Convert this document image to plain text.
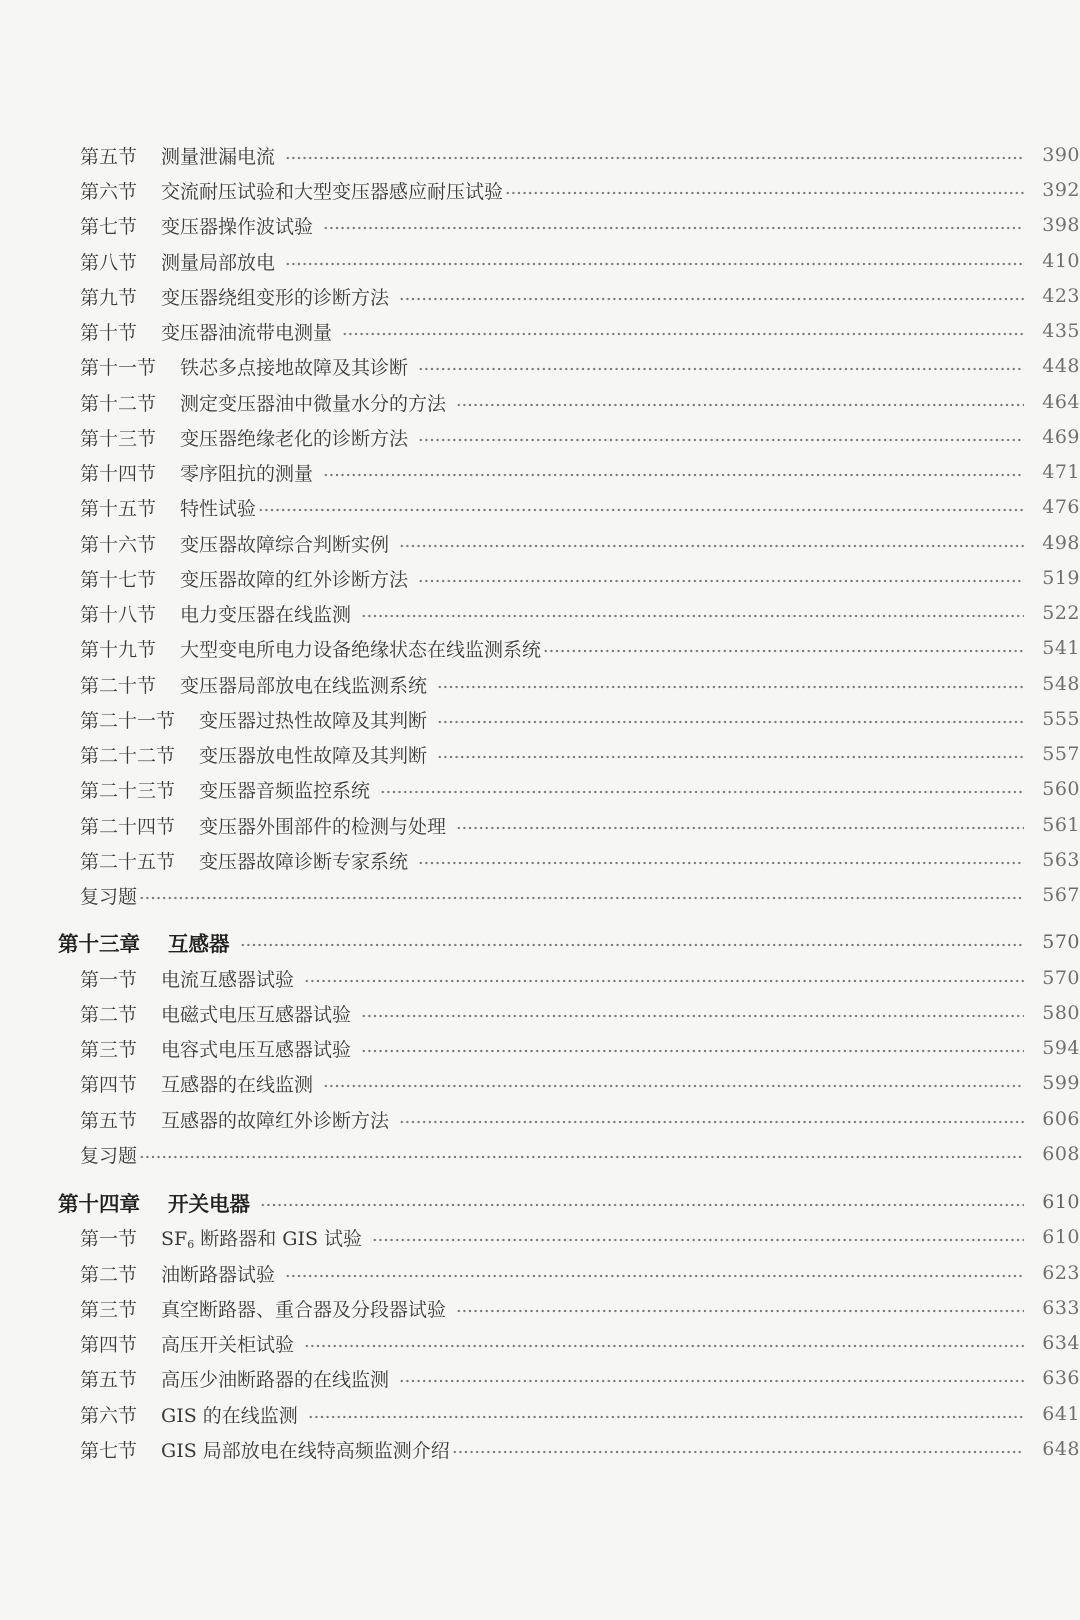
第五节 测量泄漏电流	390
第六节 交流耐压试验和大型变压器感应耐压试验	392
第七节 变压器操作波试验	398
第八节 测量局部放电	410
第九节 变压器绕组变形的诊断方法	423
第十节 变压器油流带电测量	435
第十一节 铁芯多点接地故障及其诊断	448
第十二节 测定变压器油中微量水分的方法	464
第十三节 变压器绝缘老化的诊断方法	469
第十四节 零序阻抗的测量	471
第十五节 特性试验	476
第十六节 变压器故障综合判断实例	498
第十七节 变压器故障的红外诊断方法	519
第十八节 电力变压器在线监测	522
第十九节 大型变电所电力设备绝缘状态在线监测系统	541
第二十节 变压器局部放电在线监测系统	548
第二十一节 变压器过热性故障及其判断	555
第二十二节 变压器放电性故障及其判断	557
第二十三节 变压器音频监控系统	560
第二十四节 变压器外围部件的检测与处理	561
第二十五节 变压器故障诊断专家系统	563
复习题	567
第十三章 互感器	570
第一节 电流互感器试验	570
第二节 电磁式电压互感器试验	580
第三节 电容式电压互感器试验	594
第四节 互感器的在线监测	599
第五节 互感器的故障红外诊断方法	606
复习题	608
第十四章 开关电器	610
第一节 $SF_6$ 断路器和 GIS 试验	610
第二节 油断路器试验	623
第三节 真空断路器、重合器及分段器试验	633
第四节 高压开关柜试验	634
第五节 高压少油断路器的在线监测	636
第六节 GIS 的在线监测	641
第七节 GIS 局部放电在线特高频监测介绍	648
